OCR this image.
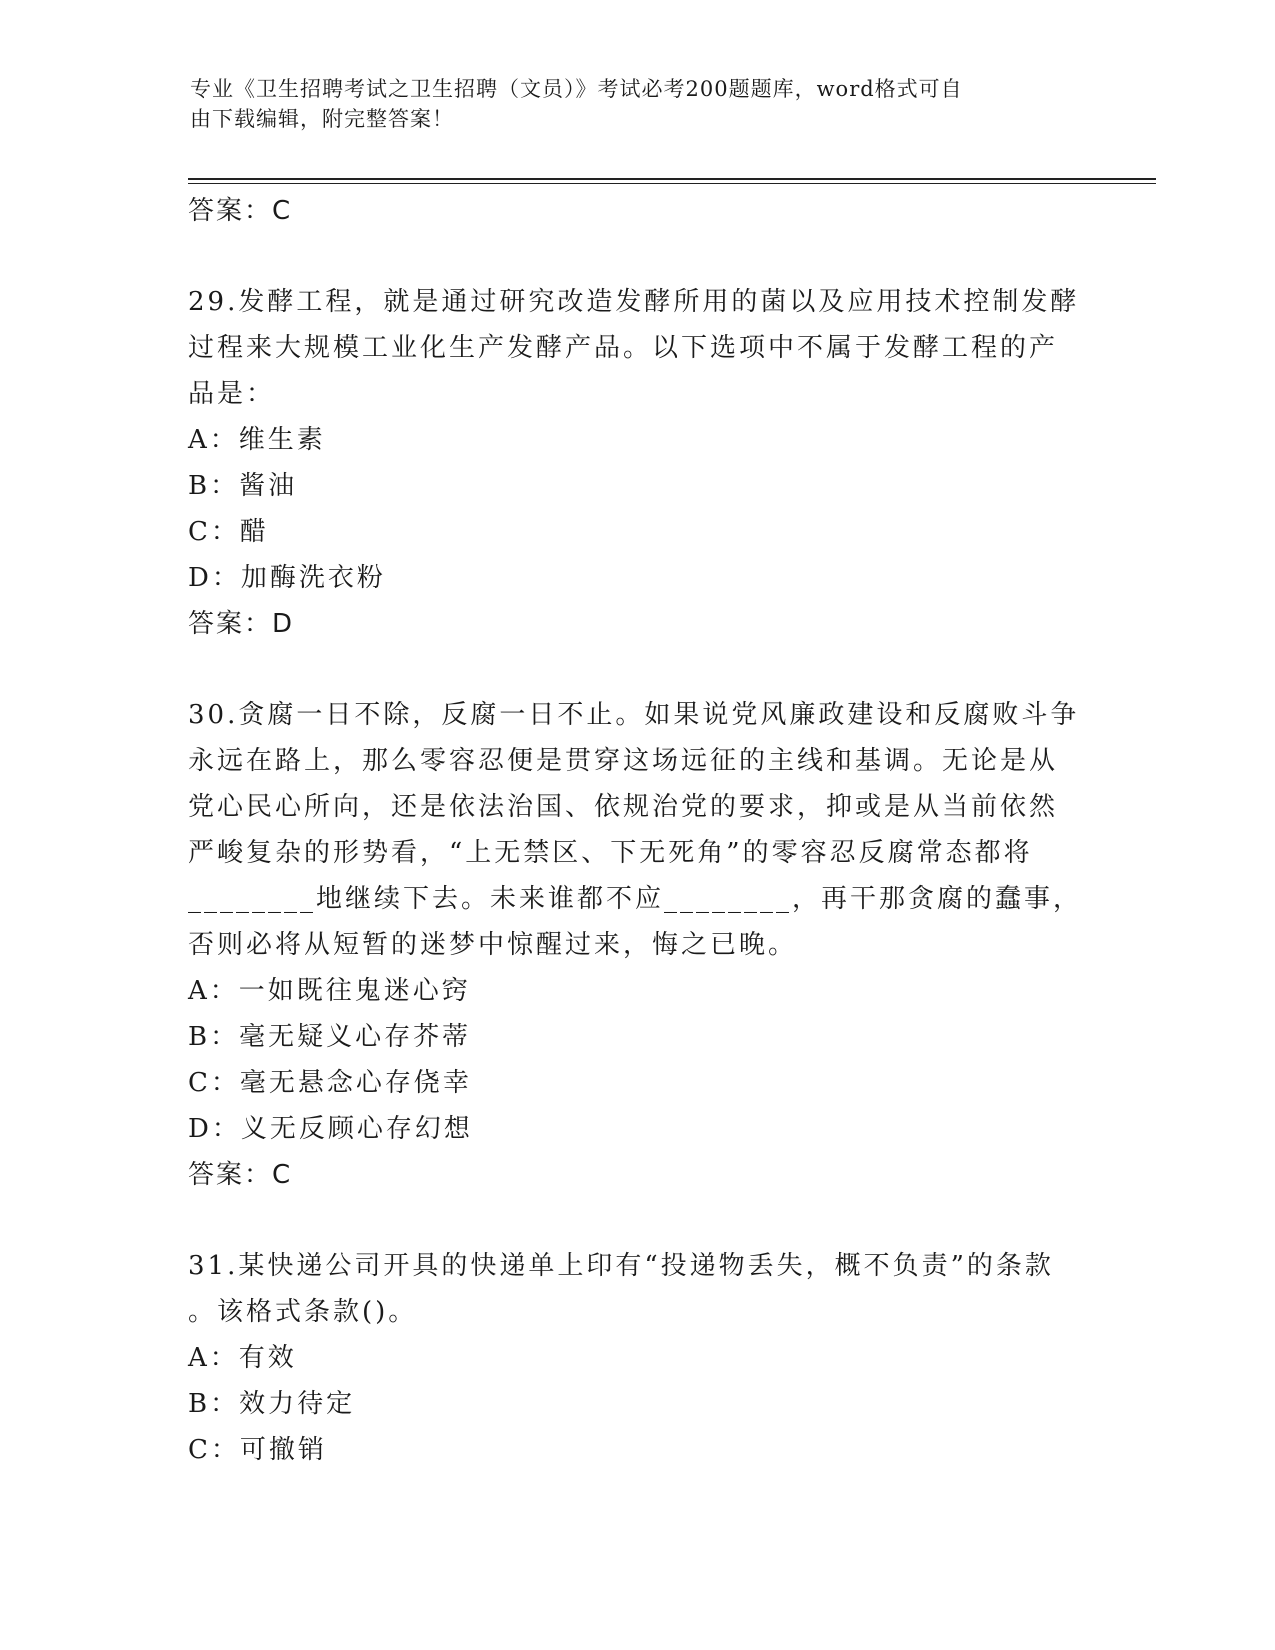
专业《卫生招聘考试之卫生招聘（文员）》考试必考200题题库，word格式可自
由下载编辑，附完整答案！
答案：C
29.发酵工程，就是通过研究改造发酵所用的菌以及应用技术控制发酵
过程来大规模工业化生产发酵产品。以下选项中不属于发酵工程的产
品是：
A：维生素
B：酱油
C：醋
D：加酶洗衣粉
答案：D
30.贪腐一日不除，反腐一日不止。如果说党风廉政建设和反腐败斗争
永远在路上，那么零容忍便是贯穿这场远征的主线和基调。无论是从
党心民心所向，还是依法治国、依规治党的要求，抑或是从当前依然
严峻复杂的形势看，“上无禁区、下无死角”的零容忍反腐常态都将
________地继续下去。未来谁都不应________，再干那贪腐的蠢事，
否则必将从短暂的迷梦中惊醒过来，悔之已晚。
A：一如既往鬼迷心窍
B：毫无疑义心存芥蒂
C：毫无悬念心存侥幸
D：义无反顾心存幻想
答案：C
31.某快递公司开具的快递单上印有“投递物丢失，概不负责”的条款
。该格式条款()。
A：有效
B：效力待定
C：可撤销
